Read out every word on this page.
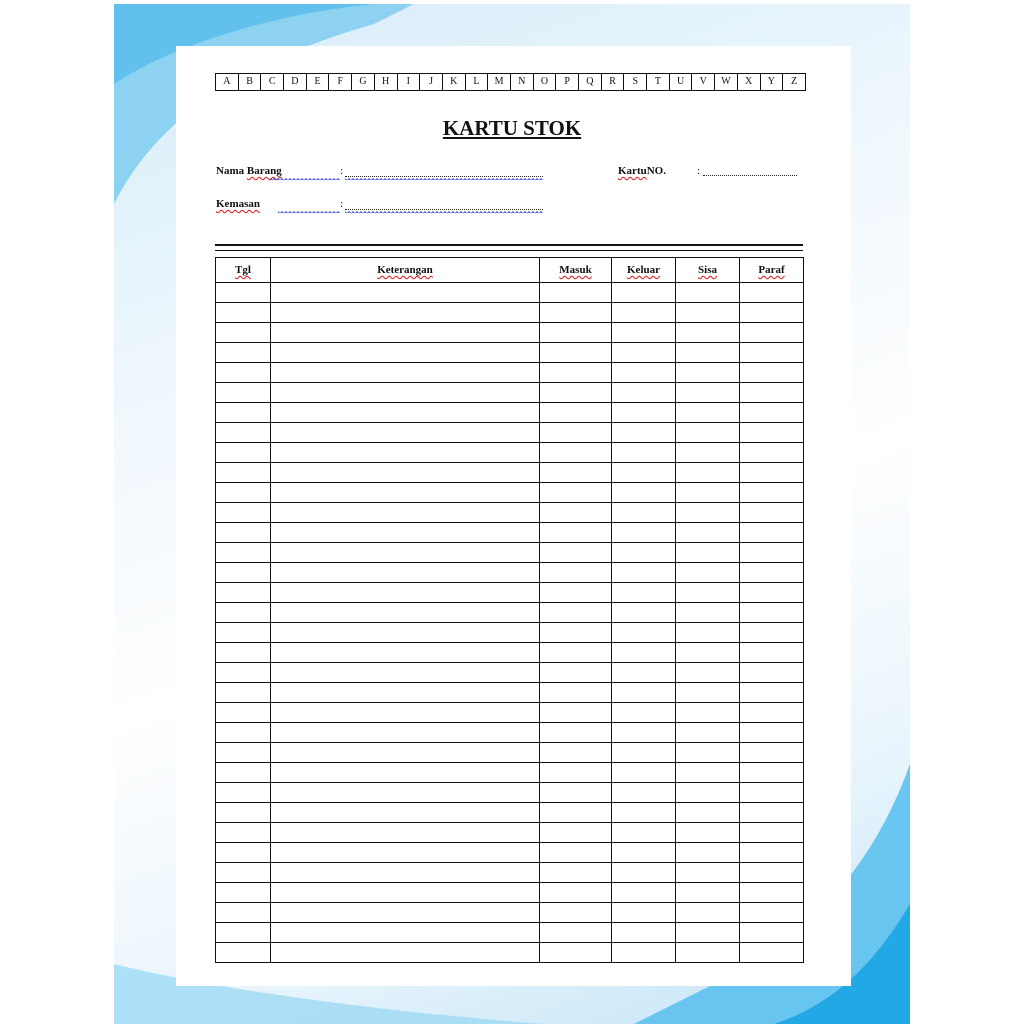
A	B	C	D	E	F	G	H	I	J	K	L	M	N	O	P	Q	R	S	T	U	V	W	X	Y	Z
KARTU STOK
Nama Barang	:	KartuNO.	:
Kemasan	:
Tgl	Keterangan	Masuk	Keluar	Sisa	Paraf
